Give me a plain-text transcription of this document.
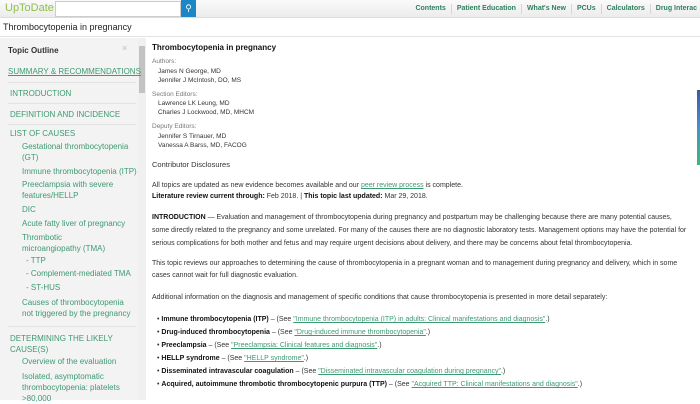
UpToDate	⚲	Contents Patient Education What's New PCUs Calculators Drug Interac
Thrombocytopenia in pregnancy
Topic Outline	×
SUMMARY & RECOMMENDATIONS
INTRODUCTION
DEFINITION AND INCIDENCE
LIST OF CAUSES
Gestational thrombocytopenia (GT)
Immune thrombocytopenia (ITP)
Preeclampsia with severe features/HELLP
DIC
Acute fatty liver of pregnancy
Thrombotic microangiopathy (TMA)
- TTP
- Complement-mediated TMA
- ST-HUS
Causes of thrombocytopenia not triggered by the pregnancy
DETERMINING THE LIKELY CAUSE(S)
Overview of the evaluation
Isolated, asymptomatic thrombocytopenia: platelets >80,000
Thrombocytopenia in pregnancy
Authors:
James N George, MD
Jennifer J McIntosh, DO, MS
Section Editors:
Lawrence LK Leung, MD
Charles J Lockwood, MD, MHCM
Deputy Editors:
Jennifer S Tirnauer, MD
Vanessa A Barss, MD, FACOG
Contributor Disclosures
All topics are updated as new evidence becomes available and our peer review process is complete.
Literature review current through: Feb 2018. | This topic last updated: Mar 29, 2018.
INTRODUCTION — Evaluation and management of thrombocytopenia during pregnancy and postpartum may be challenging because there are many potential causes,
some directly related to the pregnancy and some unrelated. For many of the causes there are no diagnostic laboratory tests. Management options may have the potential for
serious complications for both mother and fetus and may require urgent decisions about delivery, and there may be concerns about fetal thrombocytopenia.
This topic reviews our approaches to determining the cause of thrombocytopenia in a pregnant woman and to management during pregnancy and delivery, which in some
cases cannot wait for full diagnostic evaluation.
Additional information on the diagnosis and management of specific conditions that cause thrombocytopenia is presented in more detail separately:
• Immune thrombocytopenia (ITP) – (See "Immune thrombocytopenia (ITP) in adults: Clinical manifestations and diagnosis".)
• Drug-induced thrombocytopenia – (See "Drug-induced immune thrombocytopenia".)
• Preeclampsia – (See "Preeclampsia: Clinical features and diagnosis".)
• HELLP syndrome – (See "HELLP syndrome".)
• Disseminated intravascular coagulation – (See "Disseminated intravascular coagulation during pregnancy".)
• Acquired, autoimmune thrombotic thrombocytopenic purpura (TTP) – (See "Acquired TTP: Clinical manifestations and diagnosis".)
